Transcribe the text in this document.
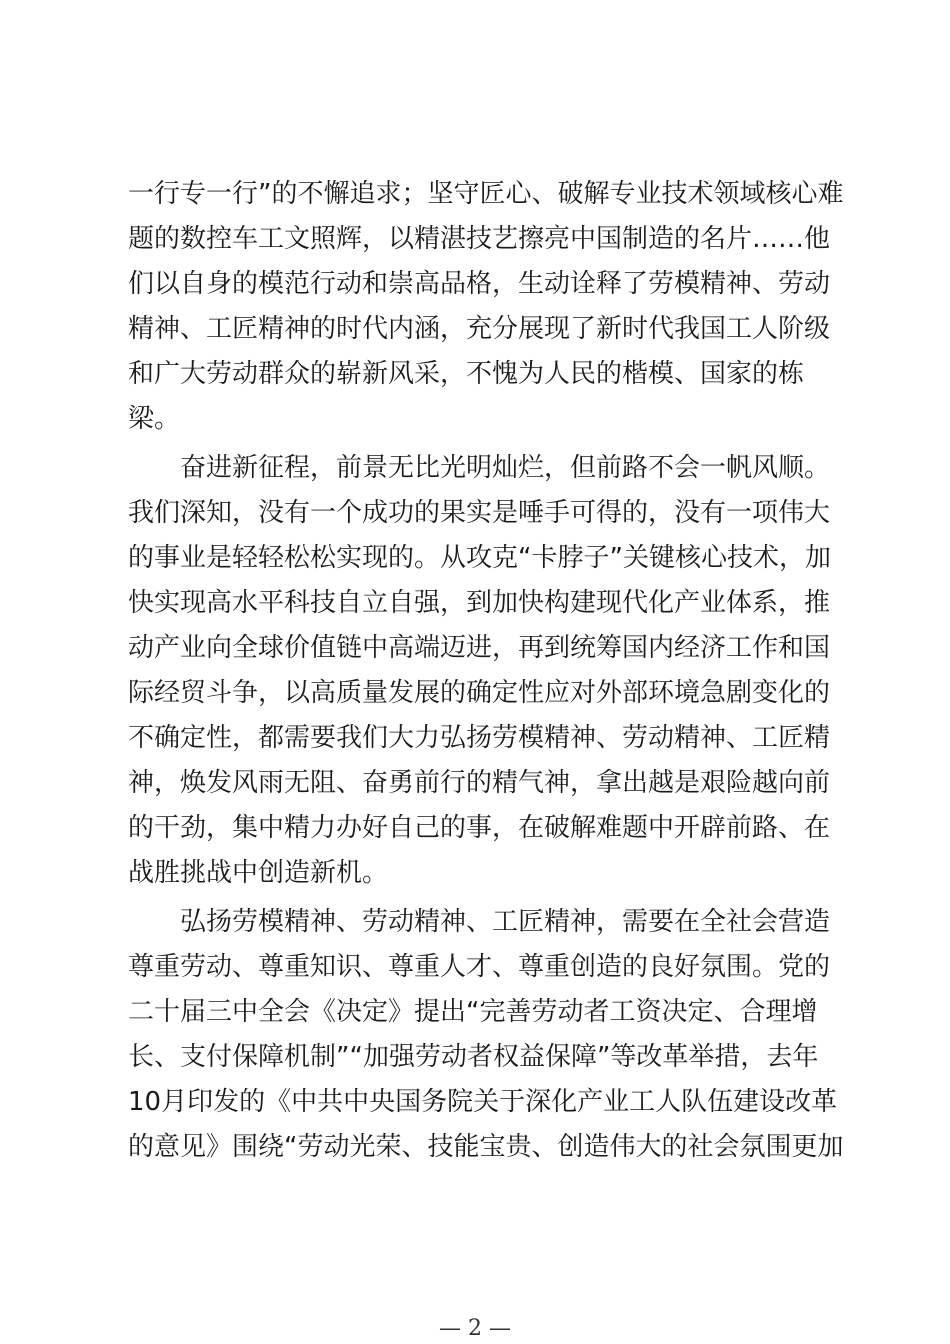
一行专一行”的不懈追求；坚守匠心、破解专业技术领域核心难
题的数控车工文照辉，以精湛技艺擦亮中国制造的名片……他
们以自身的模范行动和崇高品格，生动诠释了劳模精神、劳动
精神、工匠精神的时代内涵，充分展现了新时代我国工人阶级
和广大劳动群众的崭新风采，不愧为人民的楷模、国家的栋
梁。
　　奋进新征程，前景无比光明灿烂，但前路不会一帆风顺。
我们深知，没有一个成功的果实是唾手可得的，没有一项伟大
的事业是轻轻松松实现的。从攻克“卡脖子”关键核心技术，加
快实现高水平科技自立自强，到加快构建现代化产业体系，推
动产业向全球价值链中高端迈进，再到统筹国内经济工作和国
际经贸斗争，以高质量发展的确定性应对外部环境急剧变化的
不确定性，都需要我们大力弘扬劳模精神、劳动精神、工匠精
神，焕发风雨无阻、奋勇前行的精气神，拿出越是艰险越向前
的干劲，集中精力办好自己的事，在破解难题中开辟前路、在
战胜挑战中创造新机。
　　弘扬劳模精神、劳动精神、工匠精神，需要在全社会营造
尊重劳动、尊重知识、尊重人才、尊重创造的良好氛围。党的
二十届三中全会《决定》提出“完善劳动者工资决定、合理增
长、支付保障机制”“加强劳动者权益保障”等改革举措，去年
10月印发的《中共中央国务院关于深化产业工人队伍建设改革
的意见》围绕“劳动光荣、技能宝贵、创造伟大的社会氛围更加
— 2 —
